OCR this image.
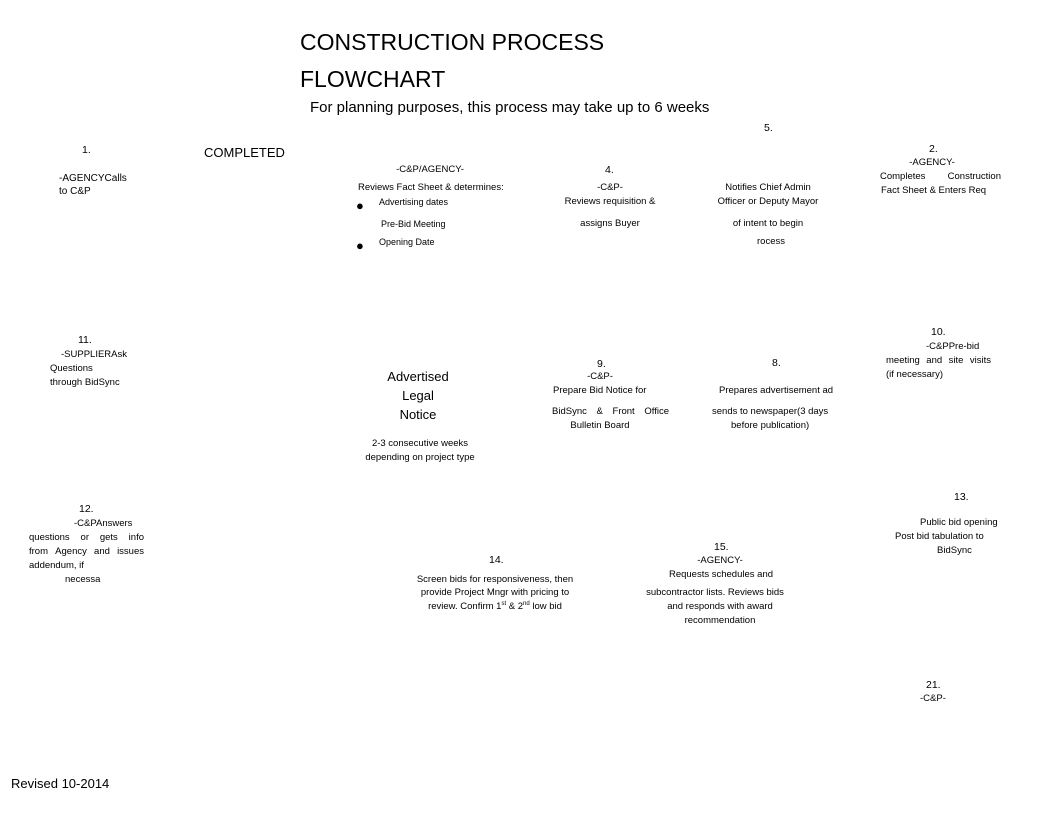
CONSTRUCTION PROCESS
FLOWCHART
For planning purposes, this process may take up to 6 weeks
COMPLETED
1.
-AGENCYCalls
to C&P
-C&P/AGENCY-
Reviews Fact Sheet & determines:
● Advertising dates
Pre-Bid Meeting
● Opening Date
4.
-C&P-
Reviews requisition &
assigns Buyer
5.
Notifies Chief Admin
Officer or Deputy Mayor
of intent to begin
rocess
2.
-AGENCY-
Completes Construction
Fact Sheet & Enters Req
11.
-SUPPLIERAsk
Questions
through BidSync	Advertised
Legal
Notice
2-3 consecutive weeks
depending on project type
9.
-C&P-
Prepare Bid Notice for
BidSync & Front Office
Bulletin Board
8.
Prepares advertisement ad
sends to newspaper(3 days
before publication)
10.
-C&PPre-bid
meeting and site visits
(if necessary)
12.
-C&PAnswers
questions or gets info
from Agency and issues
addendum, if
necessa
13.
Public bid opening
Post bid tabulation to
BidSync
14.
Screen bids for responsiveness, then
provide Project Mngr with pricing to
review. Confirm 1st & 2nd low bid
15.
-AGENCY-
Requests schedules and
subcontractor lists. Reviews bids
and responds with award
recommendation
21.
-C&P-
Revised 10-2014
